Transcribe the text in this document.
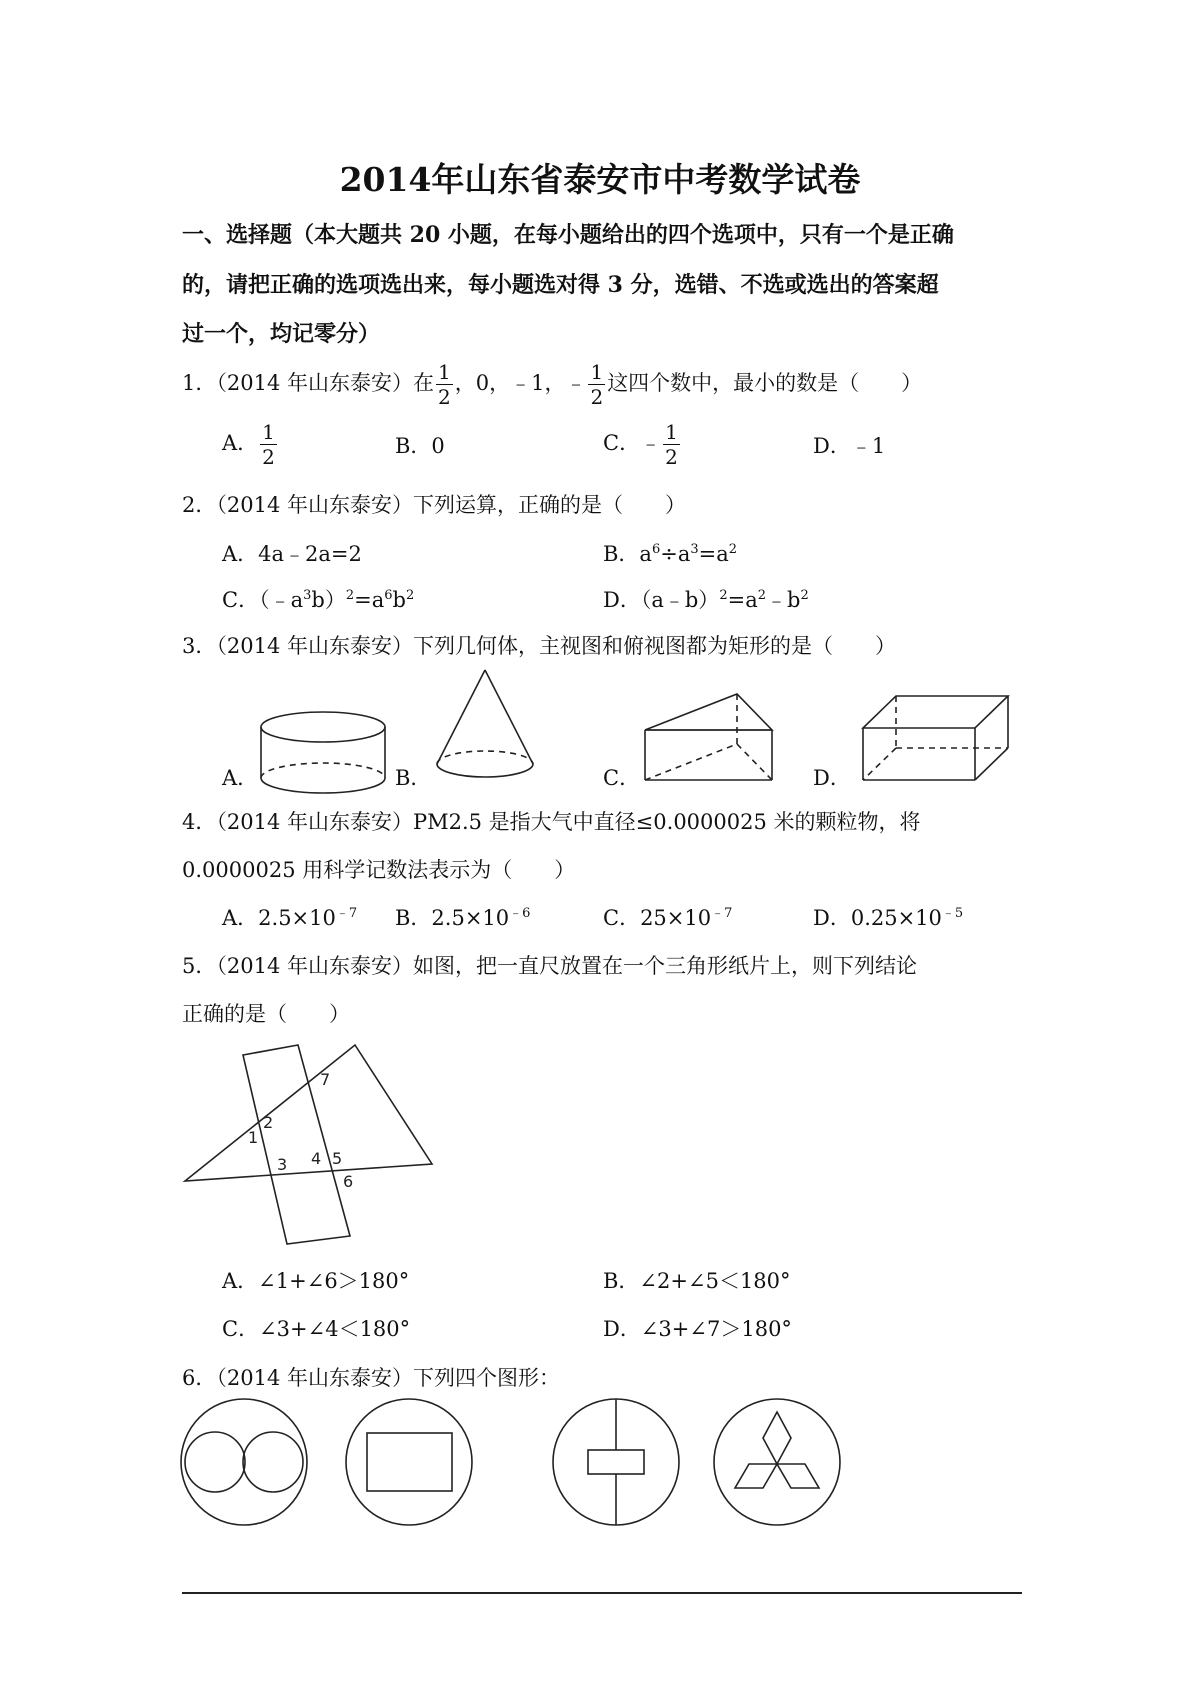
2014年山东省泰安市中考数学试卷
一、选择题（本大题共 20 小题，在每小题给出的四个选项中，只有一个是正确
的，请把正确的选项选出来，每小题选对得 3 分，选错、不选或选出的答案超
过一个，均记零分）
1．（2014 年山东泰安）在 $\frac{1}{2}$ ，0，﹣1，﹣ $\frac{1}{2}$ 这四个数中，最小的数是（　　）
A． $\frac{1}{2}$	B．0	C．﹣ $\frac{1}{2}$	D．﹣1
2．（2014 年山东泰安）下列运算，正确的是（　　）
A．4a﹣2a=2	B．$a^6\div a^3=a^2$
C．$(﹣a^3b)^2=a^6b^2$	D．$(a﹣b)^2=a^2﹣b^2$
3．（2014 年山东泰安）下列几何体，主视图和俯视图都为矩形的是（　　）
A．	B．	C．	D．
4．（2014 年山东泰安）PM2.5 是指大气中直径≤0.0000025 米的颗粒物，将
0.0000025 用科学记数法表示为（　　）
A．$2.5\times 10^{﹣7}$ B．$2.5\times 10^{﹣6}$	C．$25\times 10^{﹣7}$	D．$0.25\times 10^{﹣5}$
5．（2014 年山东泰安）如图，把一直尺放置在一个三角形纸片上，则下列结论
正确的是（　　）
1
2
3 4 5
6
7
A．∠1+∠6＞180°	B．∠2+∠5＜180°
C．∠3+∠4＜180°	D．∠3+∠7＞180°
6．（2014 年山东泰安）下列四个图形：
